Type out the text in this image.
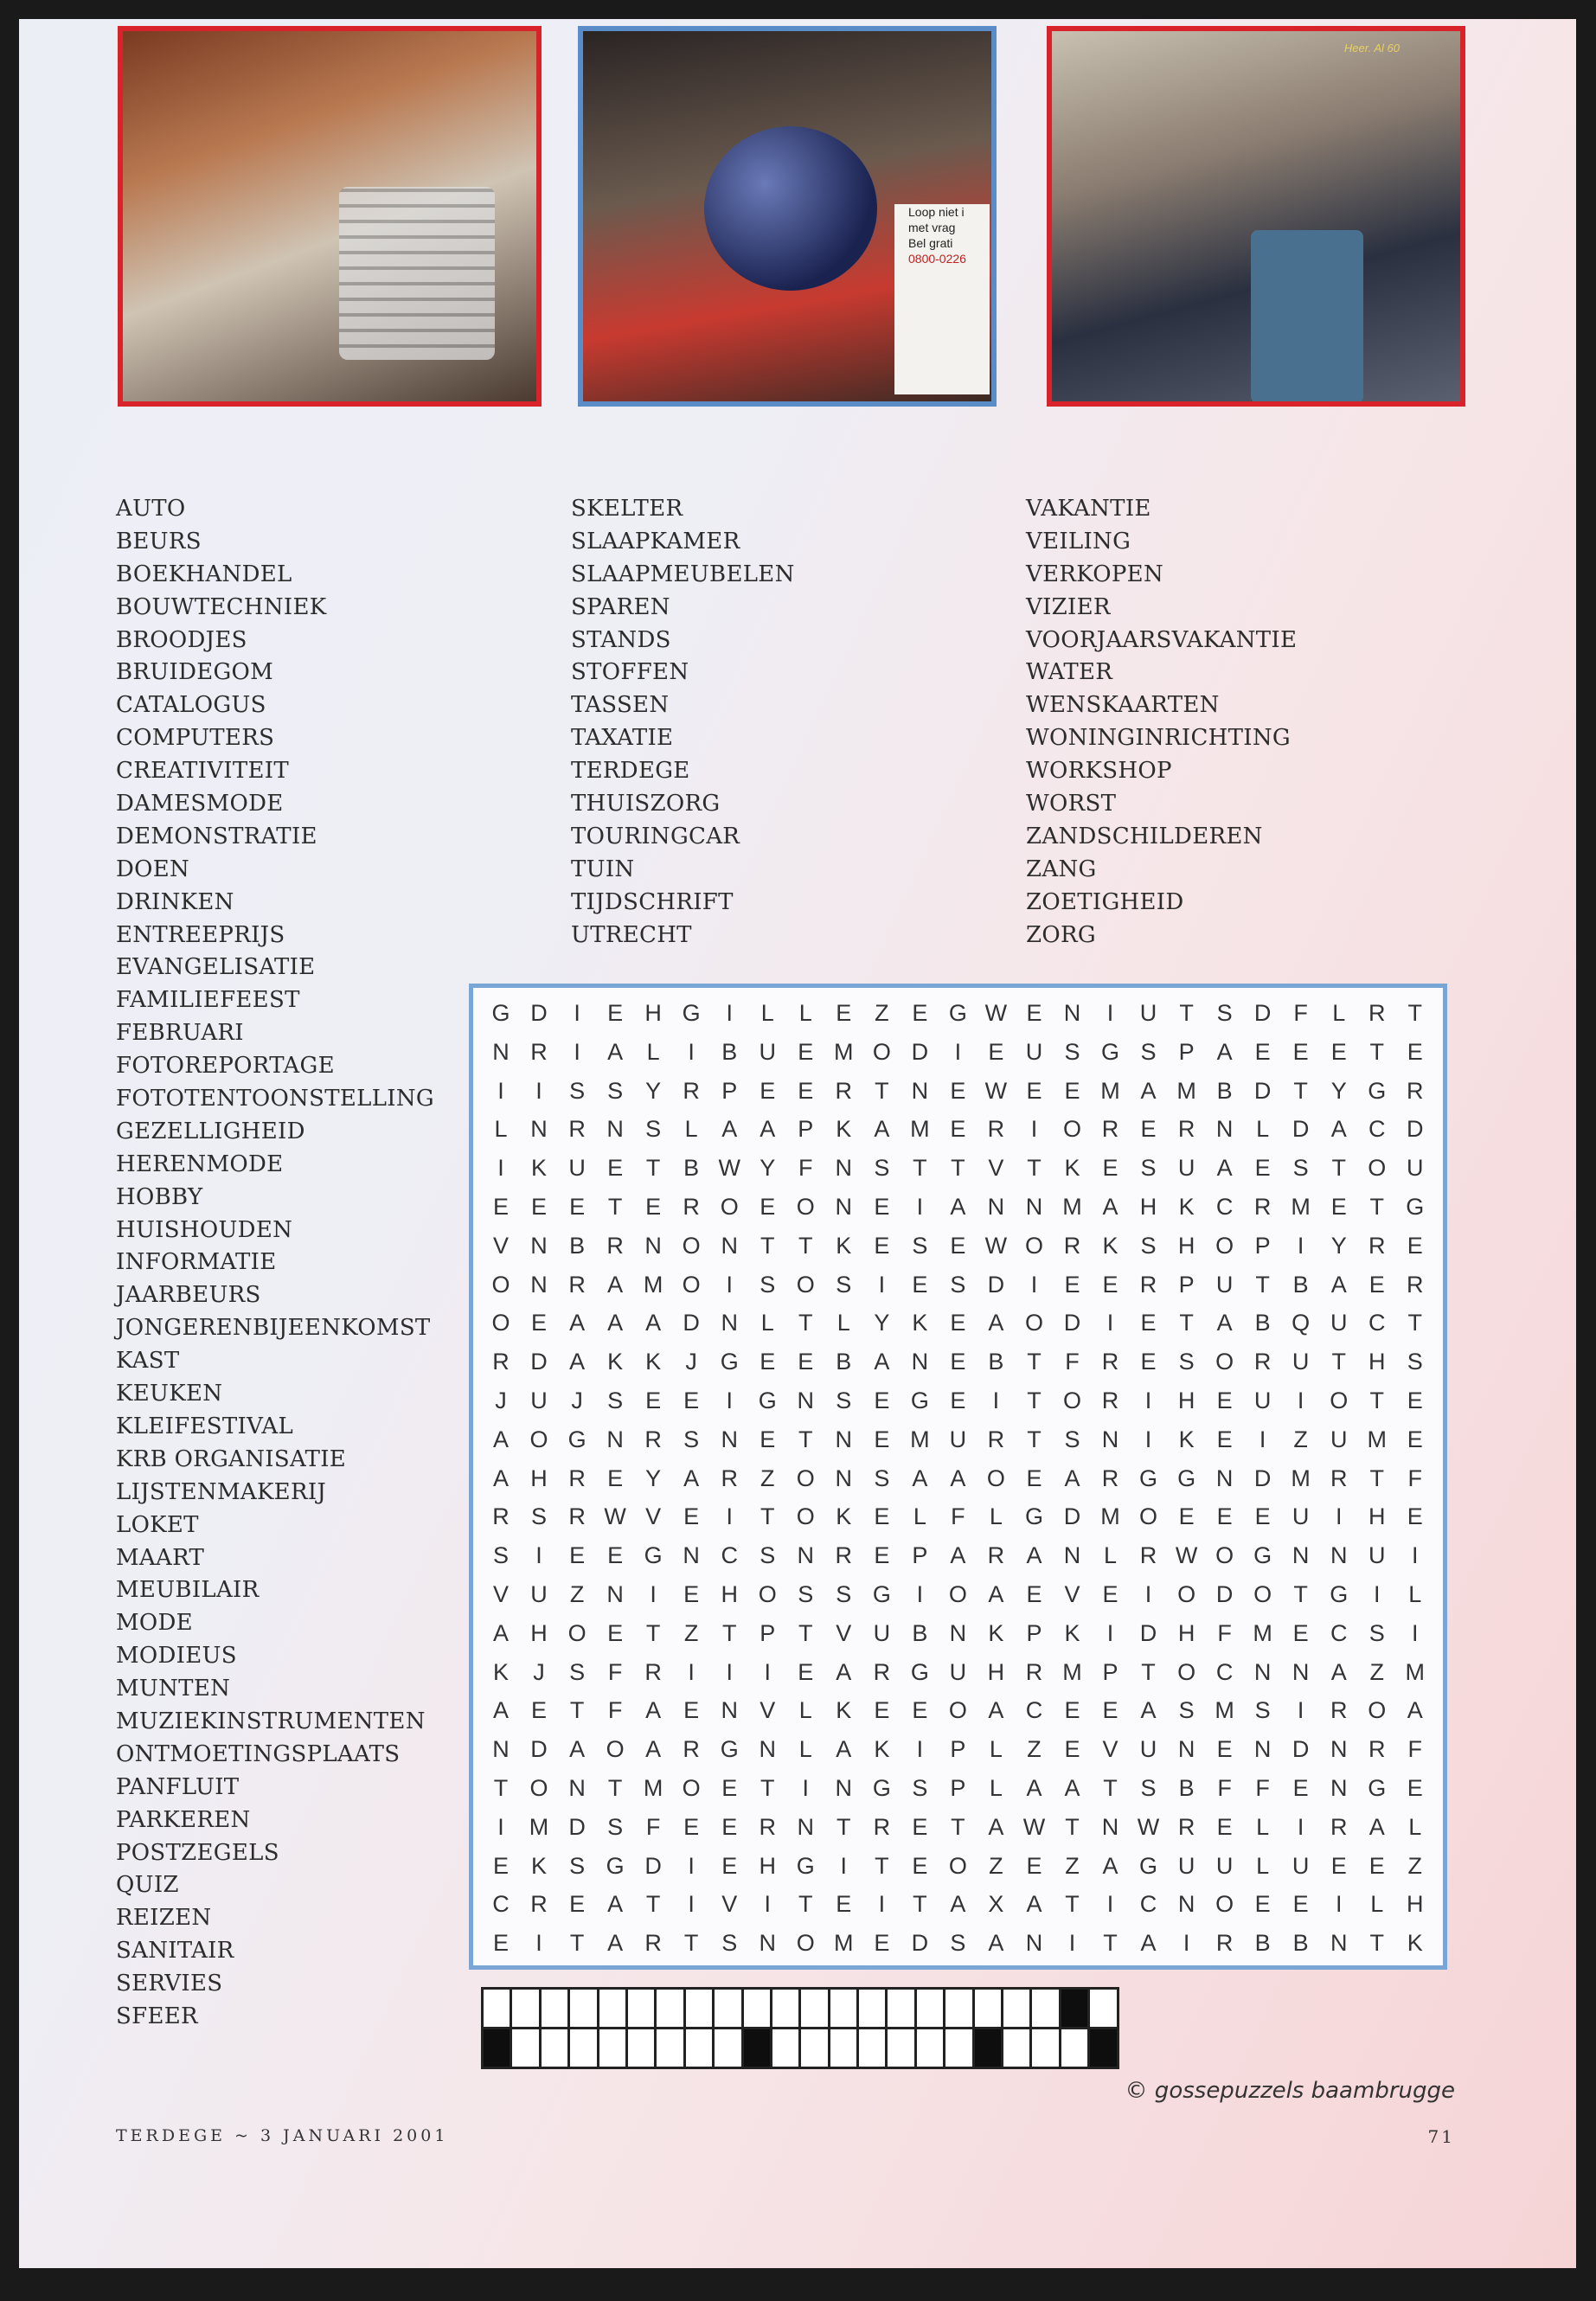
Loop niet i
met vrag
Bel grati
0800-0226
Heer. Al 60
AUTO
BEURS
BOEKHANDEL
BOUWTECHNIEK
BROODJES
BRUIDEGOM
CATALOGUS
COMPUTERS
CREATIVITEIT
DAMESMODE
DEMONSTRATIE
DOEN
DRINKEN
ENTREEPRIJS
EVANGELISATIE
FAMILIEFEEST
FEBRUARI
FOTOREPORTAGE
FOTOTENTOONSTELLING
GEZELLIGHEID
HERENMODE
HOBBY
HUISHOUDEN
INFORMATIE
JAARBEURS
JONGERENBIJEENKOMST
KAST
KEUKEN
KLEIFESTIVAL
KRB ORGANISATIE
LIJSTENMAKERIJ
LOKET
MAART
MEUBILAIR
MODE
MODIEUS
MUNTEN
MUZIEKINSTRUMENTEN
ONTMOETINGSPLAATS
PANFLUIT
PARKEREN
POSTZEGELS
QUIZ
REIZEN
SANITAIR
SERVIES
SFEER
SKELTER
SLAAPKAMER
SLAAPMEUBELEN
SPAREN
STANDS
STOFFEN
TASSEN
TAXATIE
TERDEGE
THUISZORG
TOURINGCAR
TUIN
TIJDSCHRIFT
UTRECHT
VAKANTIE
VEILING
VERKOPEN
VIZIER
VOORJAARSVAKANTIE
WATER
WENSKAARTEN
WONINGINRICHTING
WORKSHOP
WORST
ZANDSCHILDEREN
ZANG
ZOETIGHEID
ZORG
G D	I	E H G	I	L	L	E Z E G W E N	I	U T S D F	L R T
N R	I	A	L	I	B U E M O D	I	E U S G S P A E E E T E
I	I	S S Y R P E E R T N E W E E M A M B D T Y G R
L N R N S	L	A A P K A M E R	I	O R E R N L D A C D
I	K U E T B W Y F N S T	T V T K E S U A E S T O U
E E E T E R O E O N E	I	A N N M A H K C R M E T G
V N B R N O N T	T K E S E W O R K S H O P	I	Y R E
O N R A M O	I	S O S	I	E S D	I	E E R P U T B A E R
O E A A A D N L	T	L	Y K E A O D	I	E T A B Q U C T
R D A K K	J G E E B A N E B T	F R E S O R U T H S
J	U	J	S E E	I	G N S E G E	I	T O R	I	H E U	I	O T E
A O G N R S N E T N E M U R T S N	I	K E	I	Z U M E
A H R E Y A R Z O N S A A O E A R G G N D M R T	F
R S R W V E	I	T O K E	L	F	L G D M O E E E U	I	H E
S	I	E E G N C S N R E P A R A N L R W O G N N U	I
V U Z N	I	E H O S S G	I	O A E V E	I	O D O T G	I	L
A H O E T	Z	T P T V U B N K P K	I	D H F M E C S	I
K	J	S F R	I	I	I	E A R G U H R M P T O C N N A Z M
A E T	F A E N V	L	K E E O A C E E A S M S	I	R O A
N D A O A R G N L	A K	I	P	L	Z E V U N E N D N R F
T O N T M O E T	I	N G S P	L	A A T S B F	F E N G E
I	M D S F E E R N T R E T A W T N W R E	L	I	R A	L
E K S G D	I	E H G	I	T E O Z E Z A G U U L U E E Z
C R E A T	I	V	I	T E	I	T A X A T	I	C N O E E	I	L H
E	I	T A R T S N O M E D S A N	I	T A	I	R B B N T K
© gossepuzzels baambrugge
TERDEGE ~ 3 JANUARI 2001	71
